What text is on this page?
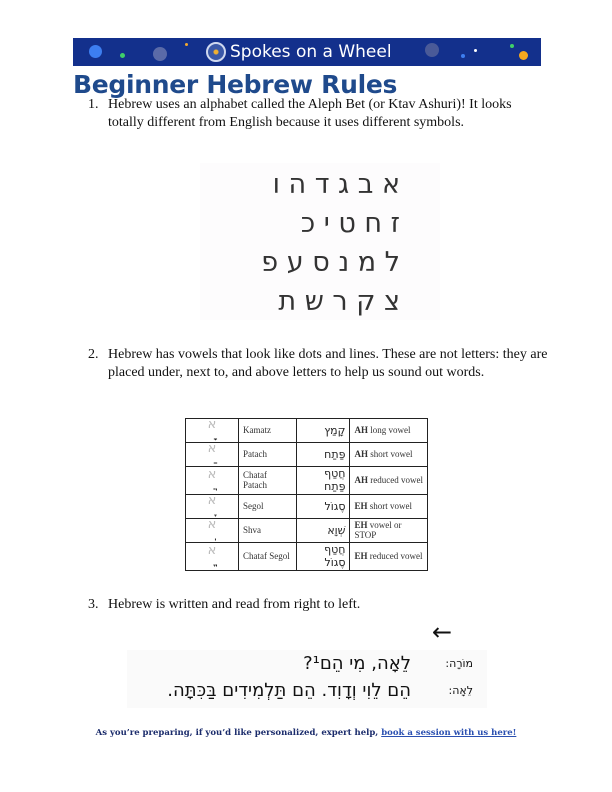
Spokes on a Wheel
Beginner Hebrew Rules
1. Hebrew uses an alphabet called the Aleph Bet (or Ktav Ashuri)! It looks totally different from English because it uses different symbols.
א ב ג ד ה ו
ז ח ט י כ
ל מ נ ס ע פ
צ ק ר ש ת
2. Hebrew has vowels that look like dots and lines. These are not letters: they are placed under, next to, and above letters to help us sound out words.
א	Kamatz	קָמַץ	AH long vowel
א	Patach	פַּתַח	AH short vowel
א	Chataf Patach	חֲטַף פַּתַח	AH reduced vowel
א	Segol	סֶגוֹל	EH short vowel
א	Shva	שְׁוָא	EH vowel or STOP
א	Chataf Segol	חֲטַף סֶגוֹל	EH reduced vowel
3. Hebrew is written and read from right to left.
←
מוֹרָה:
לֵאָה, מִי הֵם¹?
לֵאָה:
הֵם לֵוִי וְדָוִד. הֵם תַּלְמִידִים בַּכִּתָּה.
As you’re preparing, if you’d like personalized, expert help, book a session with us here!
